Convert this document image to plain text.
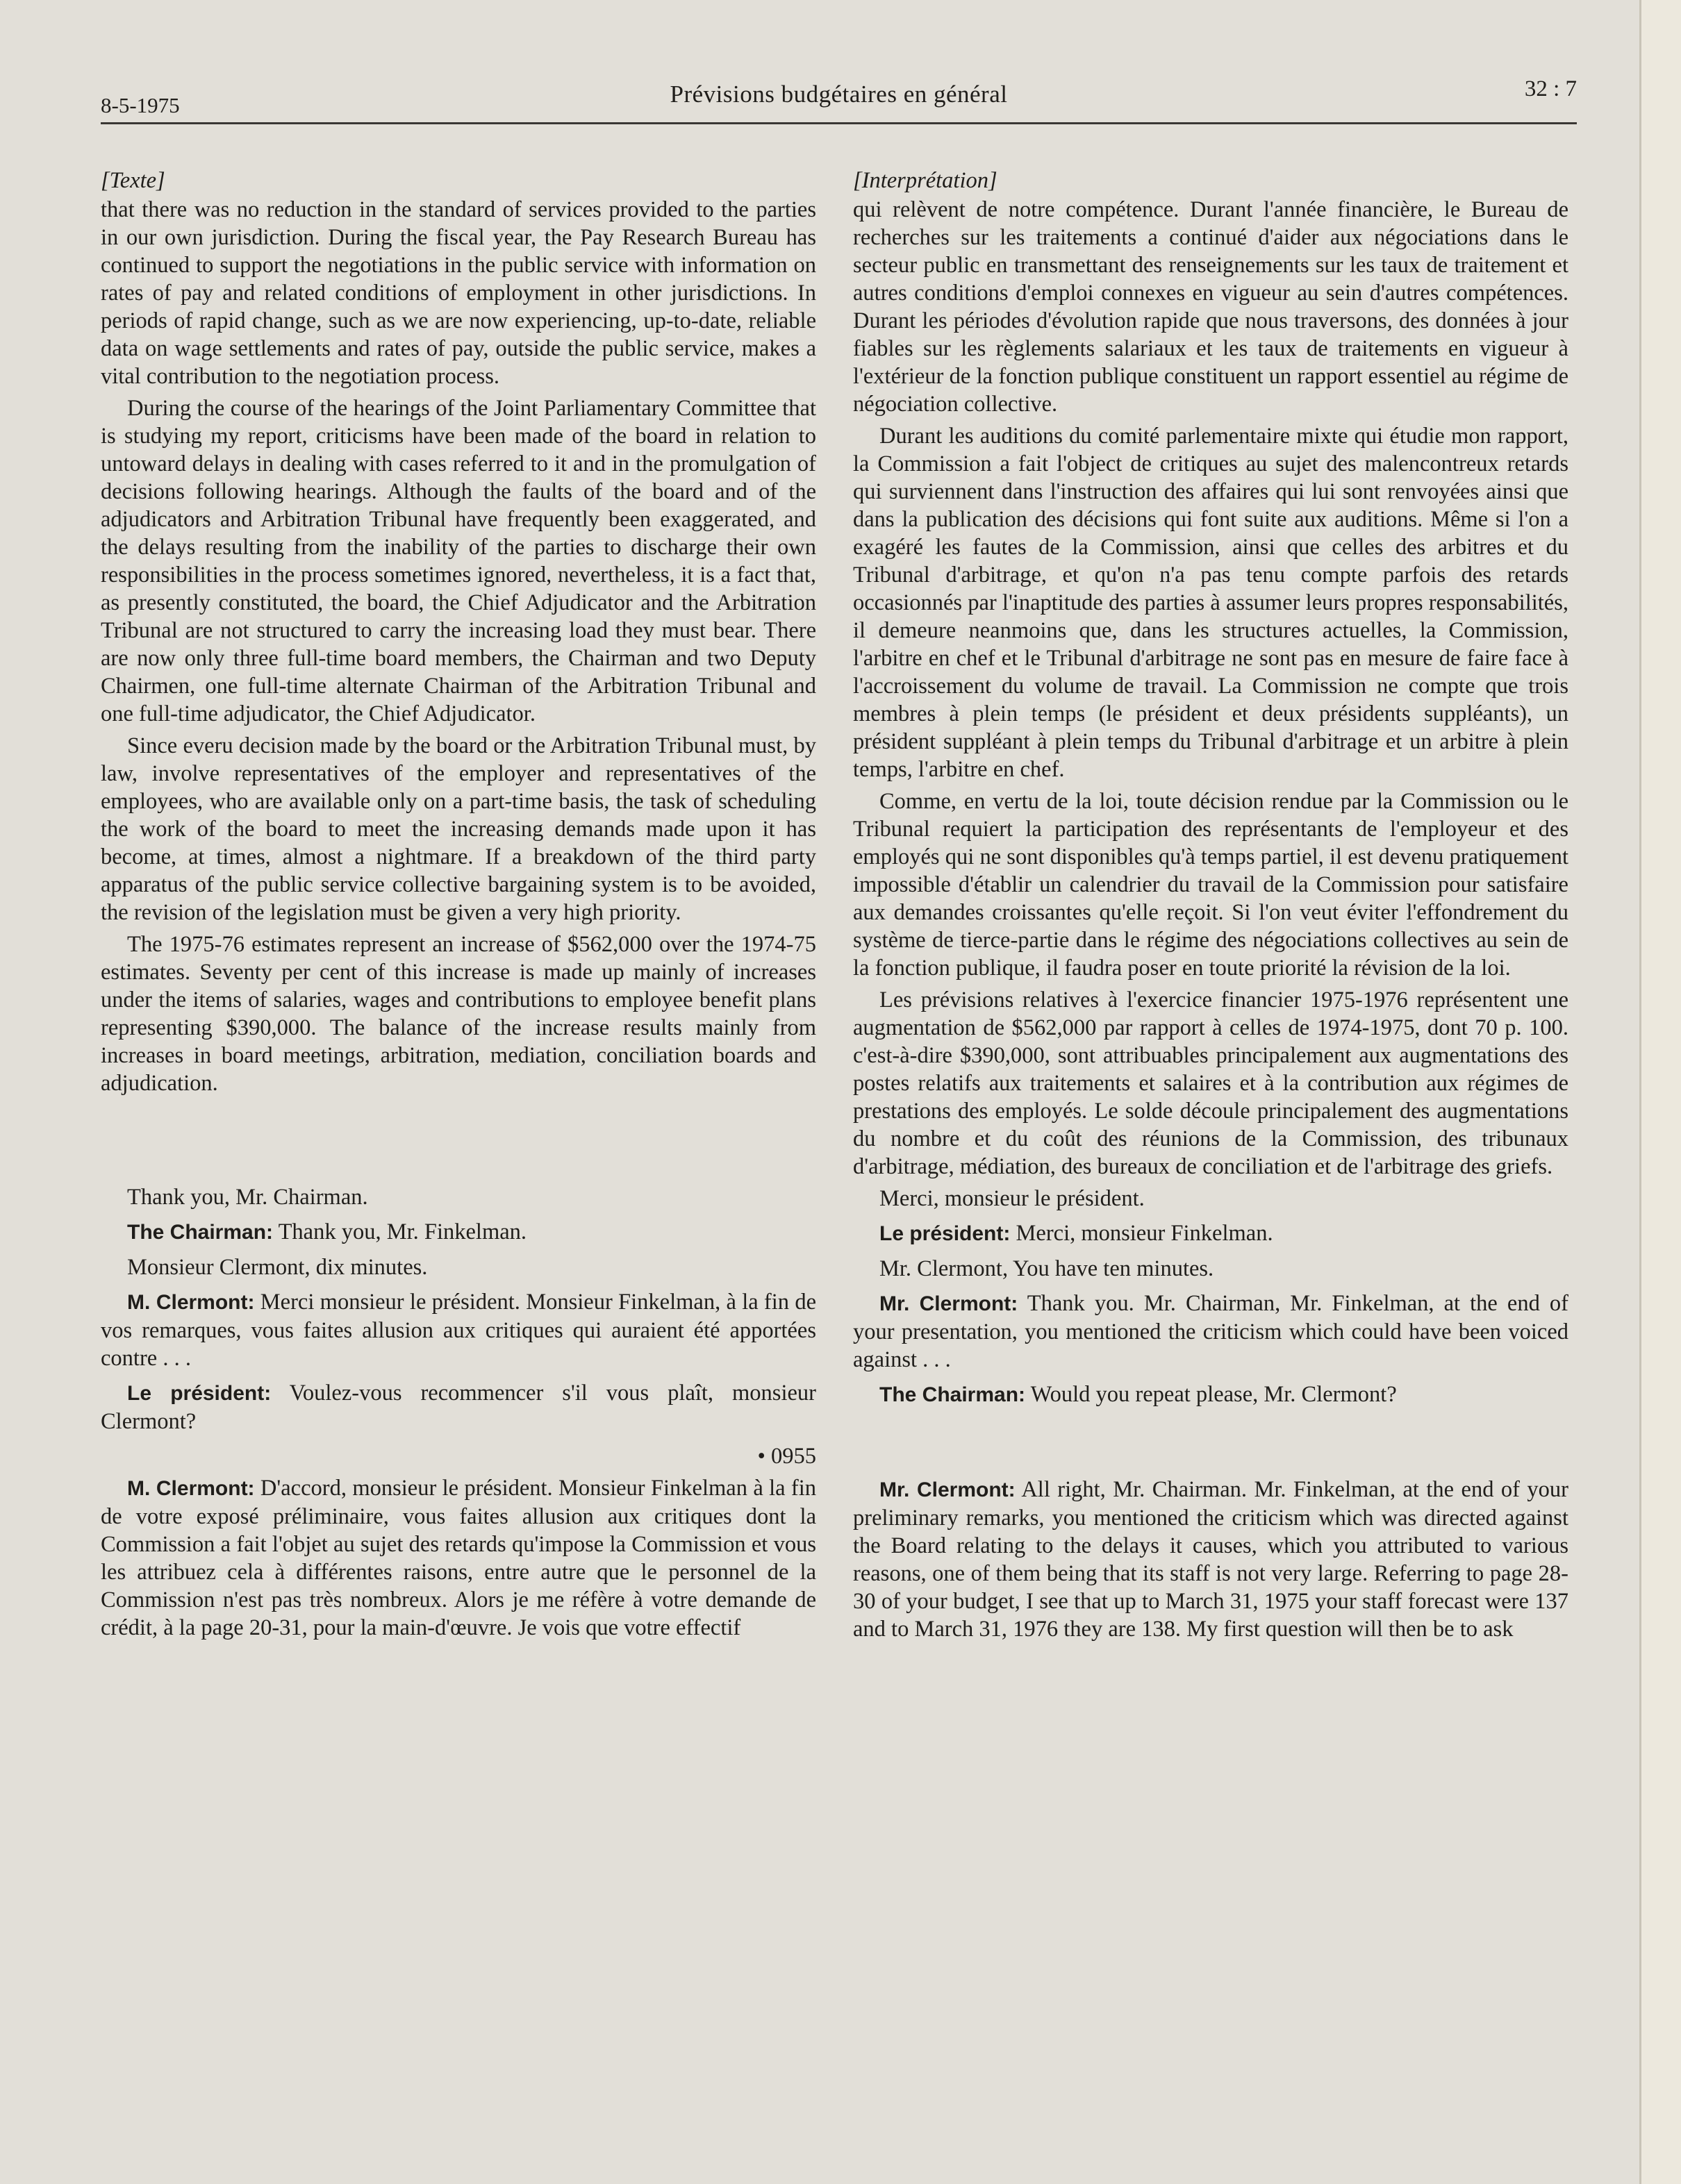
8-5-1975	Prévisions budgétaires en général	32 : 7
[Texte]

that there was no reduction in the standard of services provided to the parties in our own jurisdiction. During the fiscal year, the Pay Research Bureau has continued to support the negotiations in the public service with information on rates of pay and related conditions of employment in other jurisdictions. In periods of rapid change, such as we are now experiencing, up-to-date, reliable data on wage settlements and rates of pay, outside the public service, makes a vital contribution to the negotiation process.

During the course of the hearings of the Joint Parliamentary Committee that is studying my report, criticisms have been made of the board in relation to untoward delays in dealing with cases referred to it and in the promulgation of decisions following hearings. Although the faults of the board and of the adjudicators and Arbitration Tribunal have frequently been exaggerated, and the delays resulting from the inability of the parties to discharge their own responsibilities in the process sometimes ignored, nevertheless, it is a fact that, as presently constituted, the board, the Chief Adjudicator and the Arbitration Tribunal are not structured to carry the increasing load they must bear. There are now only three full-time board members, the Chairman and two Deputy Chairmen, one full-time alternate Chairman of the Arbitration Tribunal and one full-time adjudicator, the Chief Adjudicator.

Since everu decision made by the board or the Arbitration Tribunal must, by law, involve representatives of the employer and representatives of the employees, who are available only on a part-time basis, the task of scheduling the work of the board to meet the increasing demands made upon it has become, at times, almost a nightmare. If a breakdown of the third party apparatus of the public service collective bargaining system is to be avoided, the revision of the legislation must be given a very high priority.

The 1975-76 estimates represent an increase of $562,000 over the 1974-75 estimates. Seventy per cent of this increase is made up mainly of increases under the items of salaries, wages and contributions to employee benefit plans representing $390,000. The balance of the increase results mainly from increases in board meetings, arbitration, mediation, conciliation boards and adjudication.

Thank you, Mr. Chairman.

The Chairman: Thank you, Mr. Finkelman.

Monsieur Clermont, dix minutes.

M. Clermont: Merci monsieur le président. Monsieur Finkelman, à la fin de vos remarques, vous faites allusion aux critiques qui auraient été apportées contre . . .

Le président: Voulez-vous recommencer s'il vous plaît, monsieur Clermont?

• 0955

M. Clermont: D'accord, monsieur le président. Monsieur Finkelman à la fin de votre exposé préliminaire, vous faites allusion aux critiques dont la Commission a fait l'objet au sujet des retards qu'impose la Commission et vous les attribuez cela à différentes raisons, entre autre que le personnel de la Commission n'est pas très nombreux. Alors je me réfère à votre demande de crédit, à la page 20-31, pour la main-d'œuvre. Je vois que votre effectif

[Interprétation]

qui relèvent de notre compétence. Durant l'année financière, le Bureau de recherches sur les traitements a continué d'aider aux négociations dans le secteur public en transmettant des renseignements sur les taux de traitement et autres conditions d'emploi connexes en vigueur au sein d'autres compétences. Durant les périodes d'évolution rapide que nous traversons, des données à jour fiables sur les règlements salariaux et les taux de traitements en vigueur à l'extérieur de la fonction publique constituent un rapport essentiel au régime de négociation collective.

Durant les auditions du comité parlementaire mixte qui étudie mon rapport, la Commission a fait l'object de critiques au sujet des malencontreux retards qui surviennent dans l'instruction des affaires qui lui sont renvoyées ainsi que dans la publication des décisions qui font suite aux auditions. Même si l'on a exagéré les fautes de la Commission, ainsi que celles des arbitres et du Tribunal d'arbitrage, et qu'on n'a pas tenu compte parfois des retards occasionnés par l'inaptitude des parties à assumer leurs propres responsabilités, il demeure neanmoins que, dans les structures actuelles, la Commission, l'arbitre en chef et le Tribunal d'arbitrage ne sont pas en mesure de faire face à l'accroissement du volume de travail. La Commission ne compte que trois membres à plein temps (le président et deux présidents suppléants), un président suppléant à plein temps du Tribunal d'arbitrage et un arbitre à plein temps, l'arbitre en chef.

Comme, en vertu de la loi, toute décision rendue par la Commission ou le Tribunal requiert la participation des représentants de l'employeur et des employés qui ne sont disponibles qu'à temps partiel, il est devenu pratiquement impossible d'établir un calendrier du travail de la Commission pour satisfaire aux demandes croissantes qu'elle reçoit. Si l'on veut éviter l'effondrement du système de tierce-partie dans le régime des négociations collectives au sein de la fonction publique, il faudra poser en toute priorité la révision de la loi.

Les prévisions relatives à l'exercice financier 1975-1976 représentent une augmentation de $562,000 par rapport à celles de 1974-1975, dont 70 p. 100. c'est-à-dire $390,000, sont attribuables principalement aux augmentations des postes relatifs aux traitements et salaires et à la contribution aux régimes de prestations des employés. Le solde découle principalement des augmentations du nombre et du coût des réunions de la Commission, des tribunaux d'arbitrage, médiation, des bureaux de conciliation et de l'arbitrage des griefs.

Merci, monsieur le président.

Le président: Merci, monsieur Finkelman.

Mr. Clermont, You have ten minutes.

Mr. Clermont: Thank you. Mr. Chairman, Mr. Finkelman, at the end of your presentation, you mentioned the criticism which could have been voiced against . . .

The Chairman: Would you repeat please, Mr. Clermont?

Mr. Clermont: All right, Mr. Chairman. Mr. Finkelman, at the end of your preliminary remarks, you mentioned the criticism which was directed against the Board relating to the delays it causes, which you attributed to various reasons, one of them being that its staff is not very large. Referring to page 28-30 of your budget, I see that up to March 31, 1975 your staff forecast were 137 and to March 31, 1976 they are 138. My first question will then be to ask
